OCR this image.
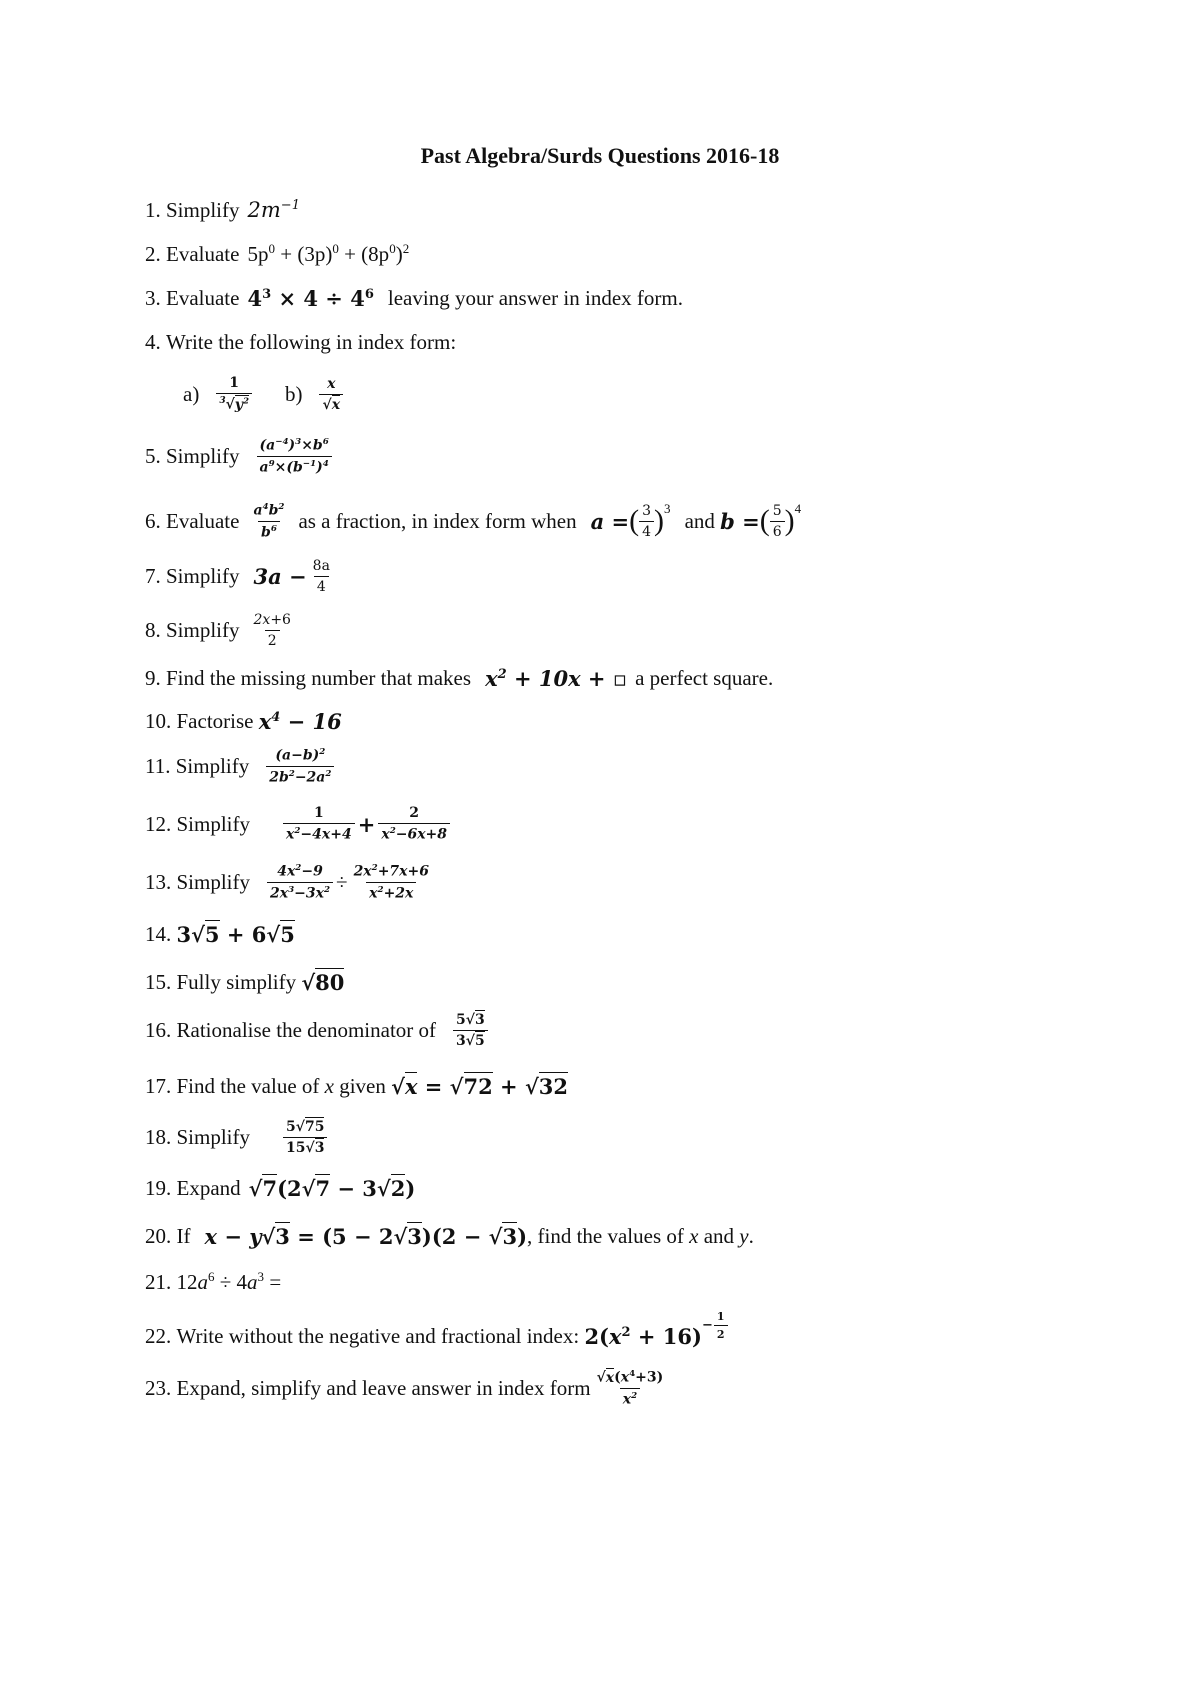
Past Algebra/Surds Questions 2016-18
1.
Simplify $2m^{-1}$
2.
Evaluate $5p^0 + (3p)^0 + (8p^0)^2$
3.
Evaluate $4^3 \times 4 \div 4^6$ leaving your answer in index form.
4.
Write the following in index form:
$a) \frac{1}{^3√y^2} b) \frac{x}{√x}$
5.
Simplify $\frac{(a^{-4})^3\times b^6}{a^9\times(b^{-1})^4}$
6.
Evaluate $\frac{a^4b^2}{b^6}$ as a fraction, in index form when a = ( $\frac{3}{4} )^3$ and
b = ( $\frac{5}{6} )^4$
7.
Simplify $3a - \frac{8a}{4}$
8.
Simplify $\frac{2x+6}{2}$
9.
Find the missing number that makes $x^2 + 10x$ + ▫ a perfect square.
10.
Factorise
$x^4 - 16$
11.
Simplify $\frac{(a-b)^2}{2b^2-2a^2}$
12.
Simplify $\frac{1}{x^2-4x+4} + \frac{2}{x^2-6x+8}$
13.
Simplify $\frac{4x^2-9}{2x^3-3x^2} \div \frac{2x^2+7x+6}{x^2+2x}$
14.
3√5 + 6√5
15.
Fully simplify
√80
16.
Rationalise the denominator of $\frac{5√3}{3√5}$
17.
Find the value of
x
given
√x = √72 + √32
18.
Simplify $\frac{5√75}{15√3}$
19.
Expand √7(2√7 − 3√2)
20.
If x − y√3 = (5 − 2√3)(2 − √3) , find the values of
x
and
y .
21.
$12a^6 \div 4a^3$ =
22.
Write without the negative and fractional index:
$2(x^2 + 16) - \frac{1}{2}$
23.
Expand, simplify and leave answer in index form $\frac{√x(x^4+3)}{x^2}$
